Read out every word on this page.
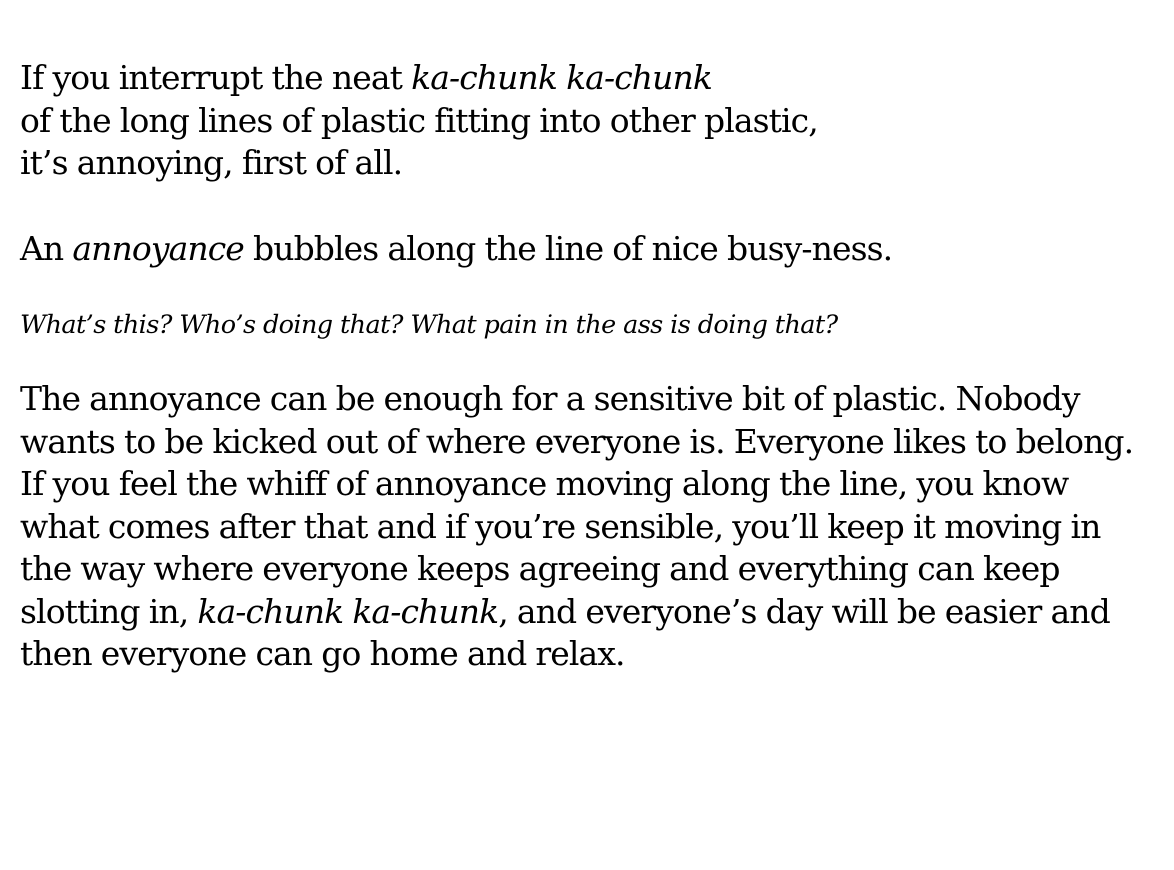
If you interrupt the neat ka-chunk ka-chunk
of the long lines of plastic fitting into other plastic,
it’s annoying, first of all.

An annoyance bubbles along the line of nice busy-ness.

What’s this? Who’s doing that? What pain in the ass is doing that?

The annoyance can be enough for a sensitive bit of plastic. Nobody
wants to be kicked out of where everyone is. Everyone likes to belong.
If you feel the whiff of annoyance moving along the line, you know
what comes after that and if you’re sensible, you’ll keep it moving in
the way where everyone keeps agreeing and everything can keep
slotting in, ka-chunk ka-chunk, and everyone’s day will be easier and
then everyone can go home and relax.
